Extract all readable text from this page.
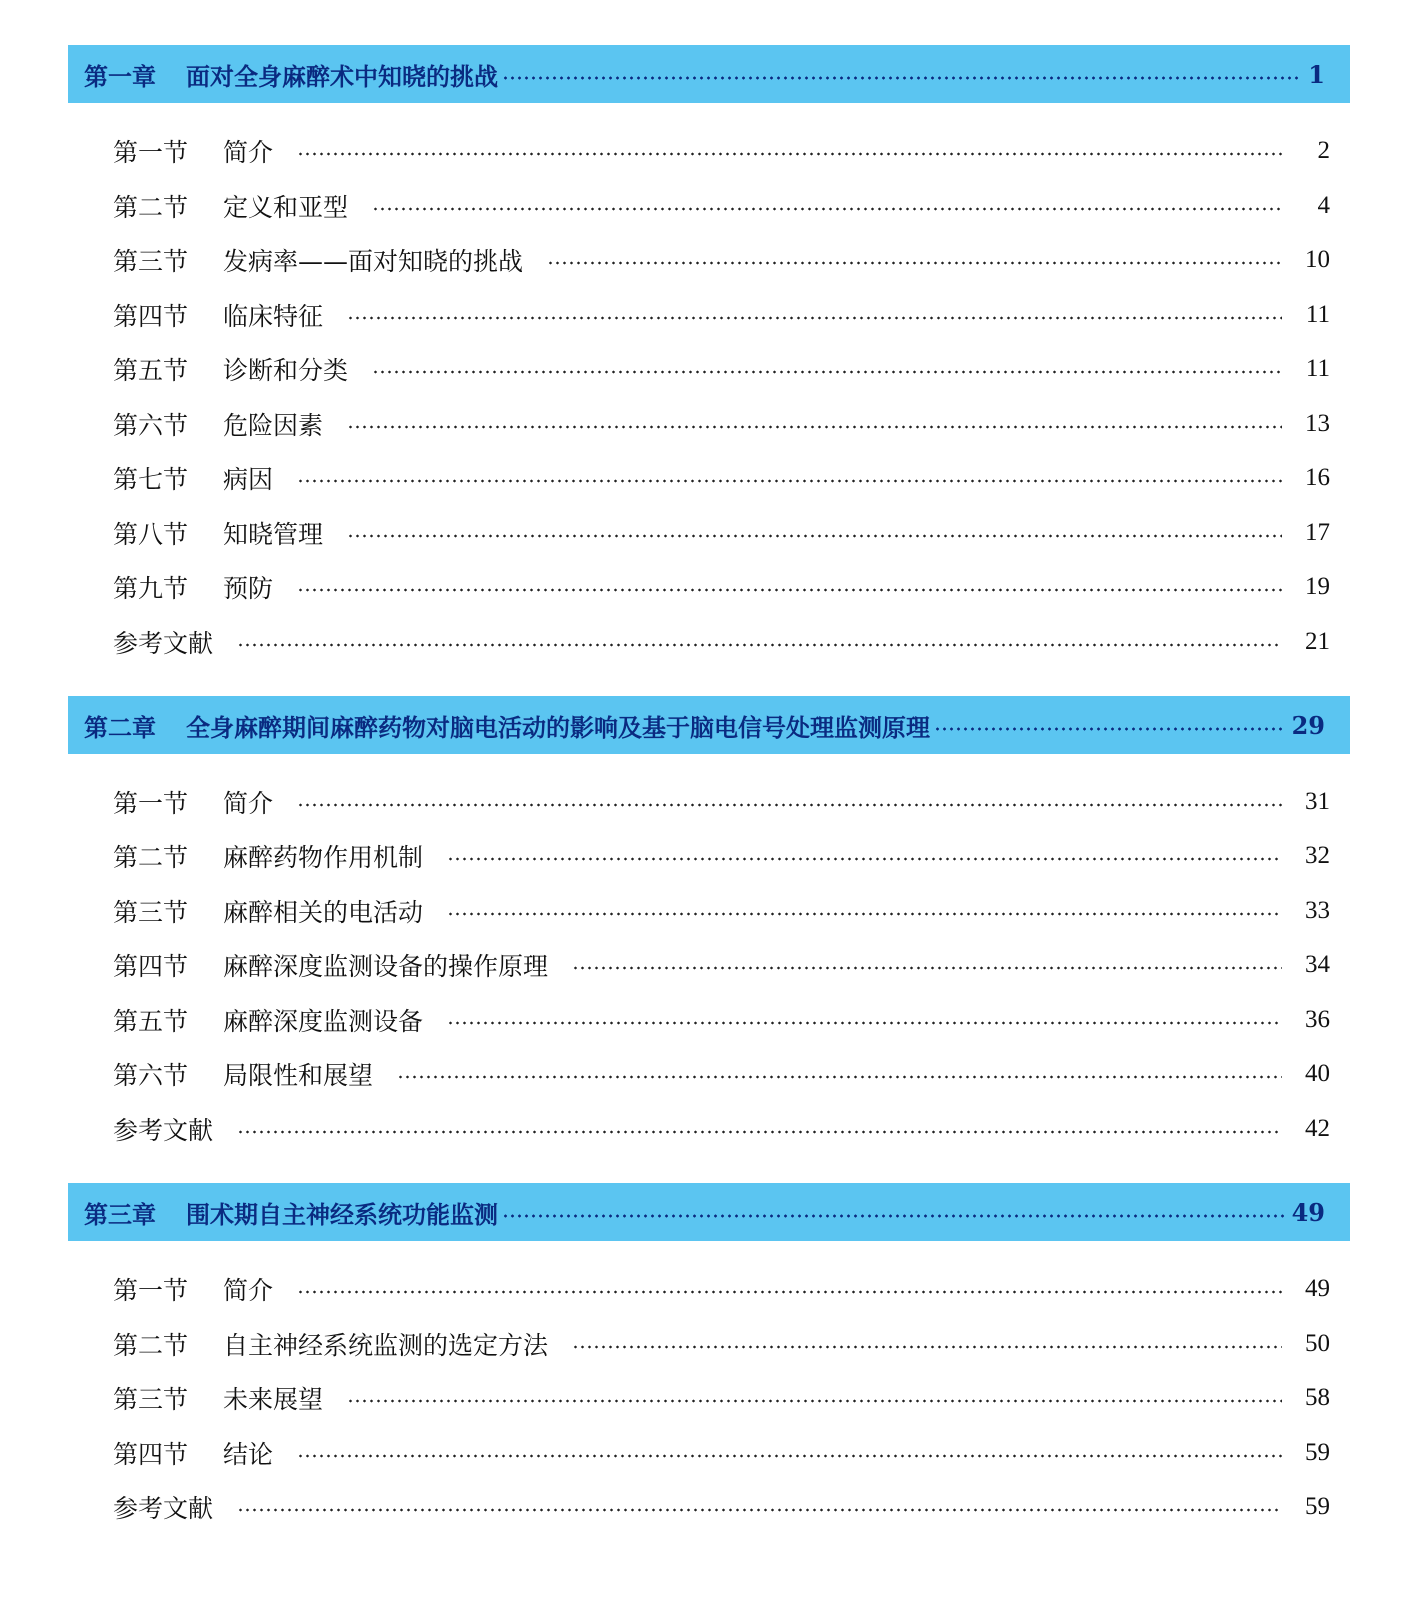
第一章 面对全身麻醉术中知晓的挑战	1
第一节	简介	2
第二节	定义和亚型	4
第三节	发病率——面对知晓的挑战	10
第四节	临床特征	11
第五节	诊断和分类	11
第六节	危险因素	13
第七节	病因	16
第八节	知晓管理	17
第九节	预防	19
参考文献	21
第二章 全身麻醉期间麻醉药物对脑电活动的影响及基于脑电信号处理监测原理	29
第一节	简介	31
第二节	麻醉药物作用机制	32
第三节	麻醉相关的电活动	33
第四节	麻醉深度监测设备的操作原理	34
第五节	麻醉深度监测设备	36
第六节	局限性和展望	40
参考文献	42
第三章 围术期自主神经系统功能监测	49
第一节	简介	49
第二节	自主神经系统监测的选定方法	50
第三节	未来展望	58
第四节	结论	59
参考文献	59
